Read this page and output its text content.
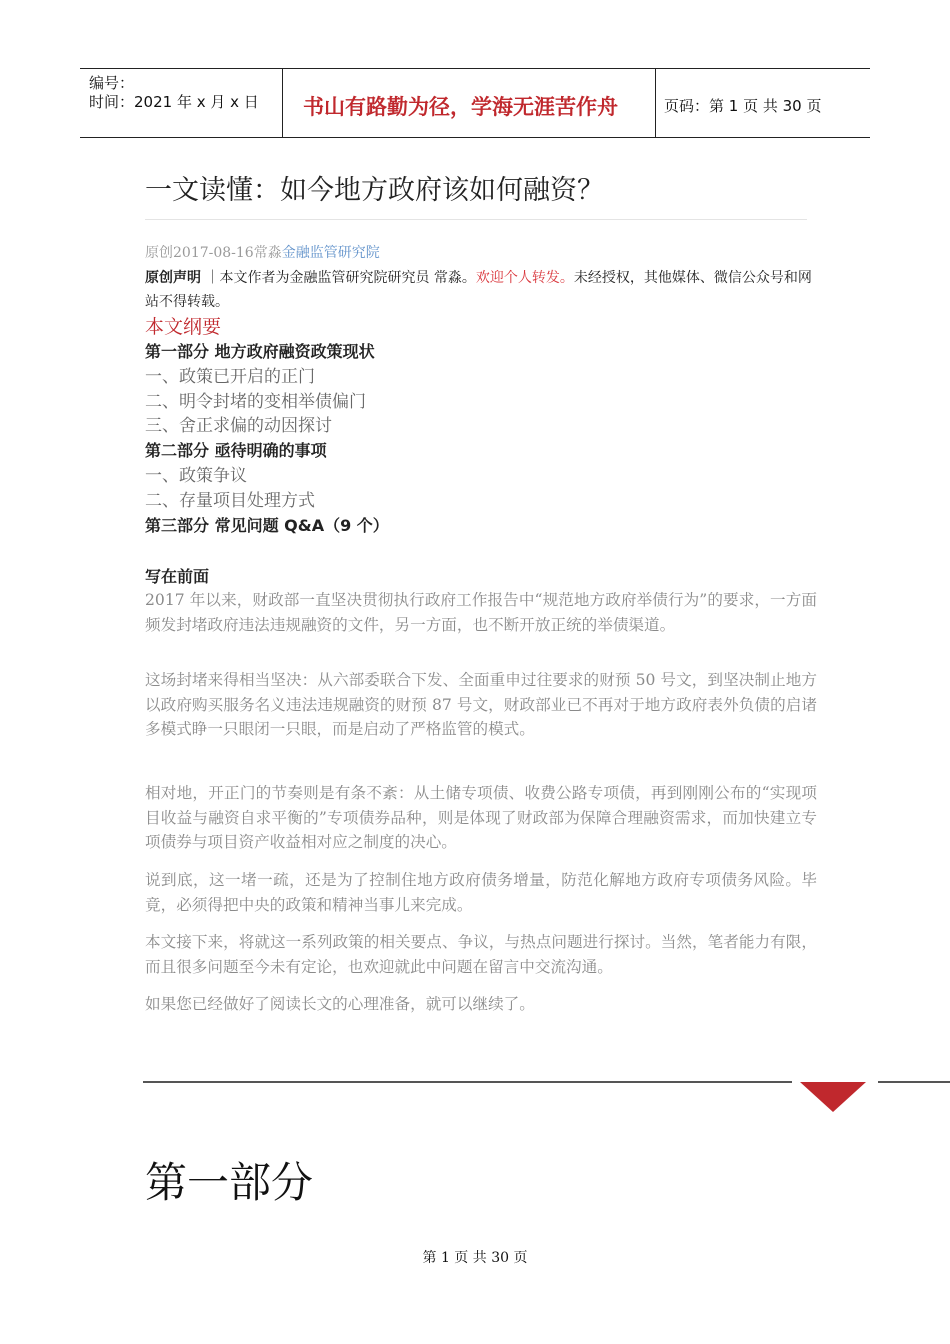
编号：
时间：2021 年 x 月 x 日 书山有路勤为径，学海无涯苦作舟	页码：第 1 页 共 30 页
一文读懂：如今地方政府该如何融资？
原创2017-08-16常淼金融监管研究院
原创声明 ｜本文作者为金融监管研究院研究员 常淼。欢迎个人转发。未经授权，其他媒体、微信公众号和网站不得转载。
本文纲要
第一部分 地方政府融资政策现状
一、政策已开启的正门
二、明令封堵的变相举债偏门
三、舍正求偏的动因探讨
第二部分 亟待明确的事项
一、政策争议
二、存量项目处理方式
第三部分 常见问题 Q&A（9 个）
写在前面
2017 年以来，财政部一直坚决贯彻执行政府工作报告中“规范地方政府举债行为”的要求，一方面频发封堵政府违法违规融资的文件，另一方面，也不断开放正统的举债渠道。
这场封堵来得相当坚决：从六部委联合下发、全面重申过往要求的财预 50 号文，到坚决制止地方以政府购买服务名义违法违规融资的财预 87 号文，财政部业已不再对于地方政府表外负债的启诸多模式睁一只眼闭一只眼，而是启动了严格监管的模式。
相对地，开正门的节奏则是有条不紊：从土储专项债、收费公路专项债，再到刚刚公布的“实现项目收益与融资自求平衡的”专项债券品种，则是体现了财政部为保障合理融资需求，而加快建立专项债券与项目资产收益相对应之制度的决心。
说到底，这一堵一疏，还是为了控制住地方政府债务增量，防范化解地方政府专项债务风险。毕竟，必须得把中央的政策和精神当事儿来完成。
本文接下来，将就这一系列政策的相关要点、争议，与热点问题进行探讨。当然，笔者能力有限，而且很多问题至今未有定论，也欢迎就此中问题在留言中交流沟通。
如果您已经做好了阅读长文的心理准备，就可以继续了。
第一部分
第 1 页 共 30 页
